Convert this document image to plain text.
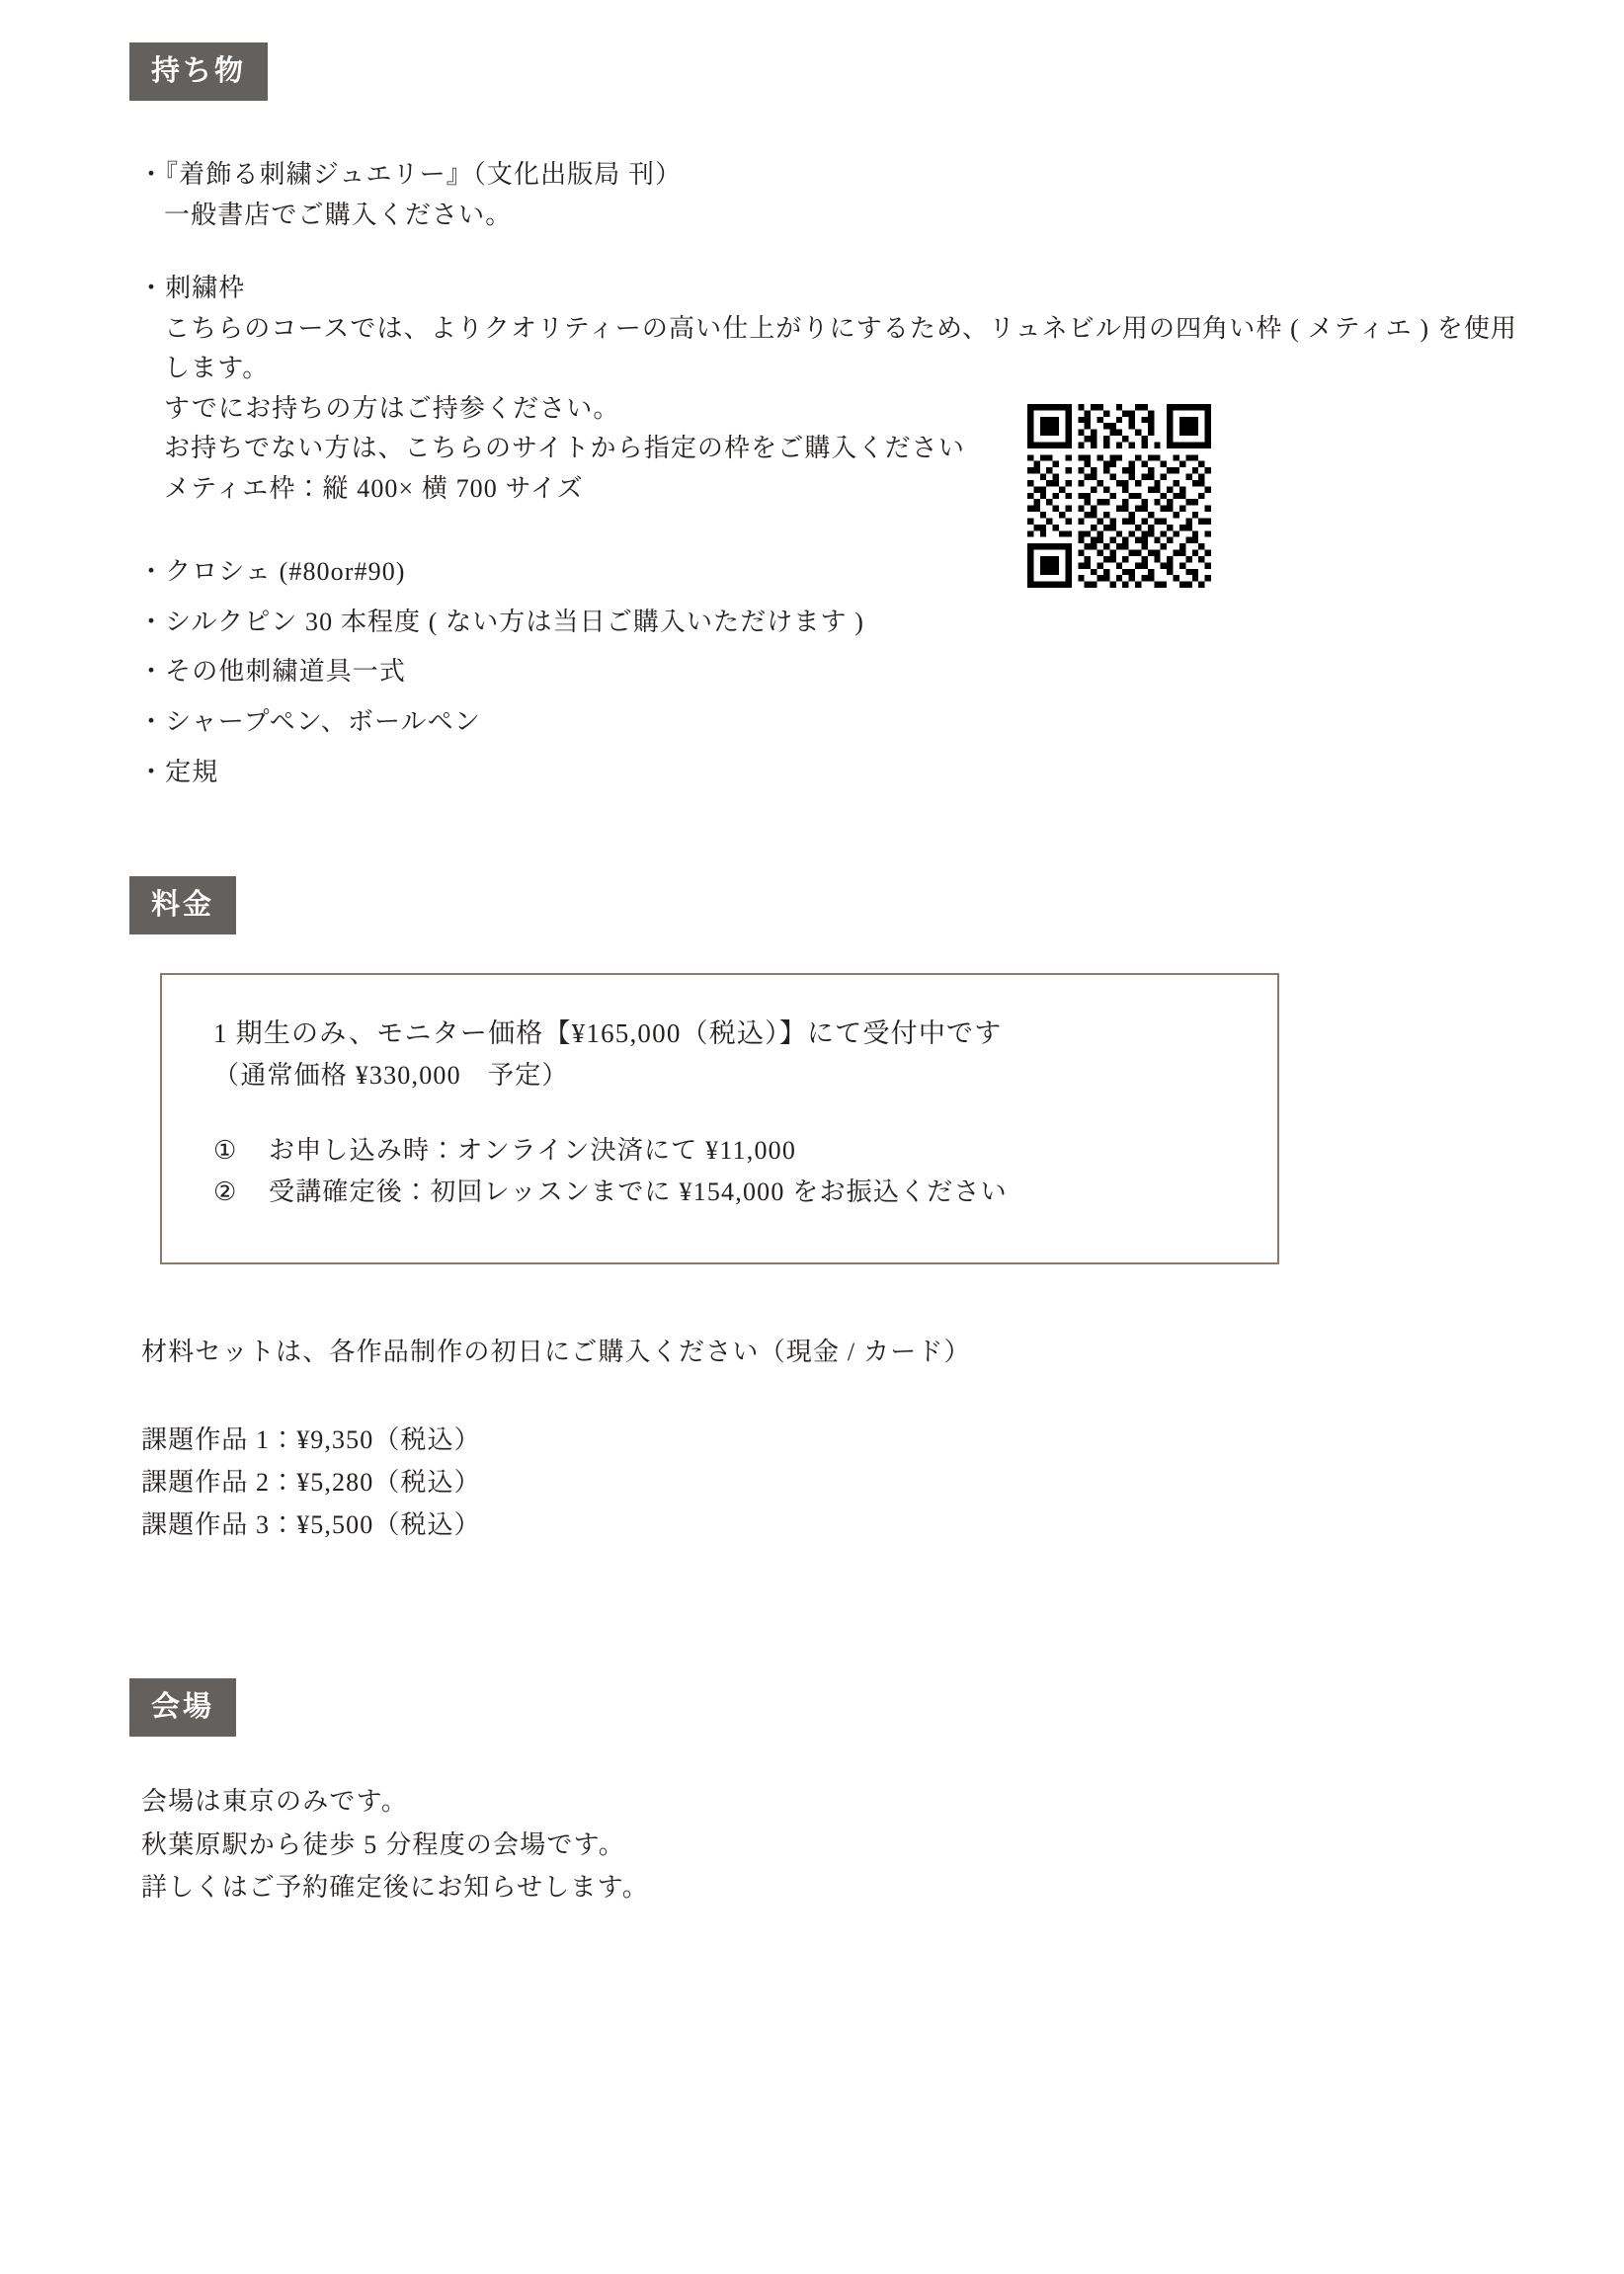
持ち物
・『着飾る刺繍ジュエリー』（文化出版局 刊）
一般書店でご購入ください。
・刺繍枠
こちらのコースでは、よりクオリティーの高い仕上がりにするため、リュネビル用の四角い枠 ( メティエ ) を使用します。
すでにお持ちの方はご持参ください。
お持ちでない方は、こちらのサイトから指定の枠をご購入ください
メティエ枠：縦 400× 横 700 サイズ
・クロシェ (#80or#90)
・シルクピン 30 本程度 ( ない方は当日ご購入いただけます )
・その他刺繍道具一式
・シャープペン、ボールペン
・定規
料金
1 期生のみ、モニター価格【¥165,000（税込）】にて受付中です
（通常価格 ¥330,000　予定）
①	お申し込み時：オンライン決済にて ¥11,000
②	受講確定後：初回レッスンまでに ¥154,000 をお振込ください
材料セットは、各作品制作の初日にご購入ください（現金 / カード）
課題作品 1：¥9,350（税込）
課題作品 2：¥5,280（税込）
課題作品 3：¥5,500（税込）
会場
会場は東京のみです。
秋葉原駅から徒歩 5 分程度の会場です。
詳しくはご予約確定後にお知らせします。
